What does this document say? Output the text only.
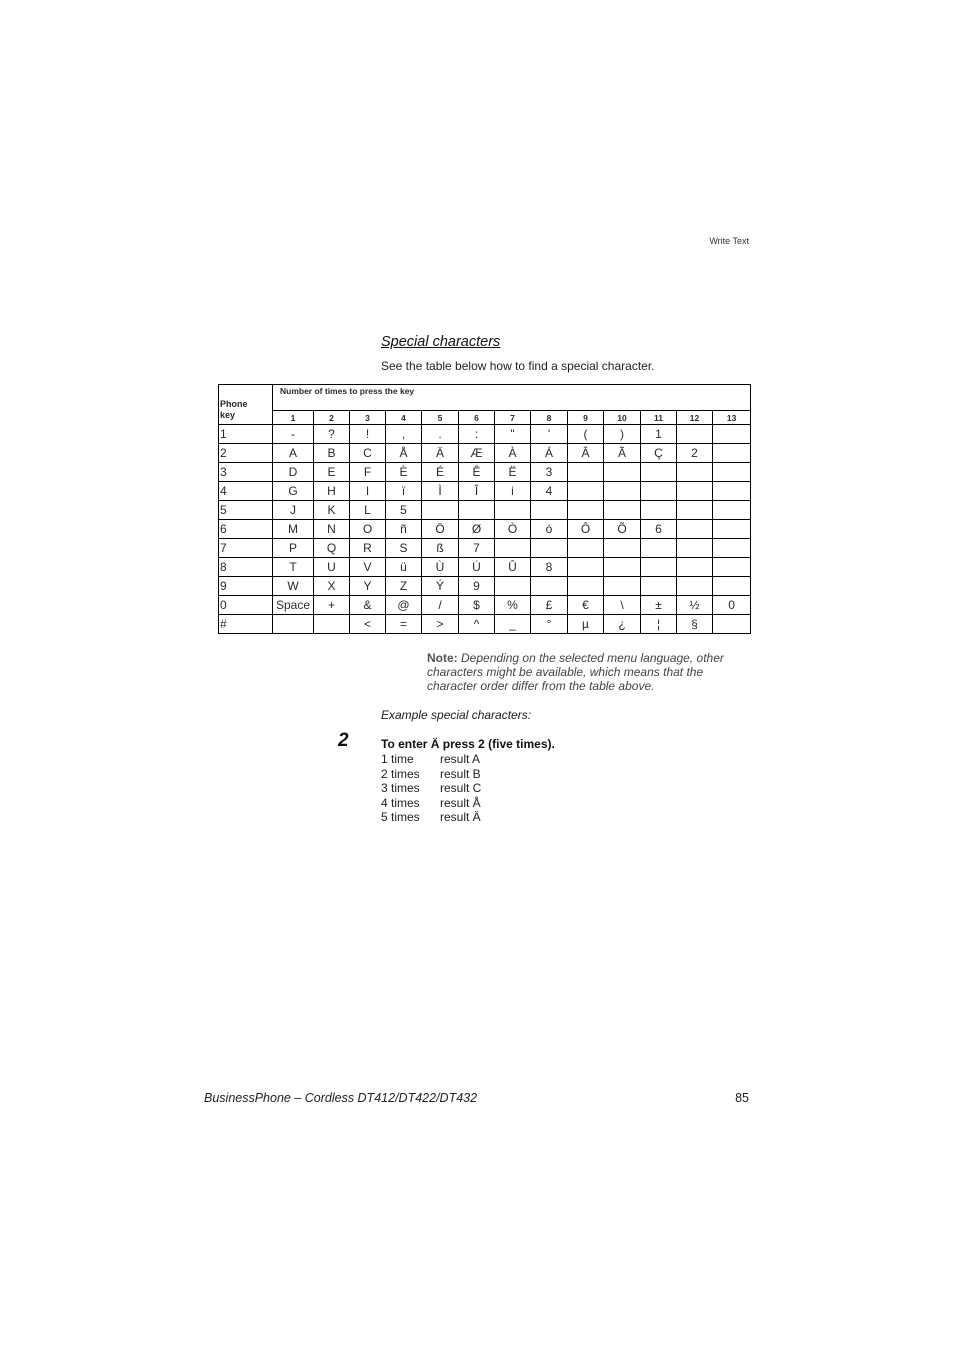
Write Text
Special characters
See the table below how to find a special character.
Phone
key	Number of times to press the key												
	1	2	3	4	5	6	7	8	9	10	11	12	13
1	-	?	!	,	.	:	"	'	(	)	1		
2	A	B	C	Å	Ä	Æ	À	Á	Â	Ã	Ç	2	
3	D	E	F	È	É	Ê	Ë	3					
4	G	H	I	ï	Ì	Î	i	4					
5	J	K	L	5									
6	M	N	O	ñ	Ö	Ø	Ò	ó	Ô	Õ	6		
7	P	Q	R	S	ß	7							
8	T	U	V	ü	Ù	Ú	Û	8					
9	W	X	Y	Z	Ý	9							
0	Space	+	&	@	/	$	%	£	€	\	±	½	0
#			<	=	>	^	_	°	µ	¿	¦	§	
Note: Depending on the selected menu language, other
characters might be available, which means that the
character order differ from the table above.
Example special characters:
2	To enter Ä press 2 (five times).
1 time	result A
2 times	result B
3 times	result C
4 times	result Å
5 times	result Ä
BusinessPhone – Cordless DT412/DT422/DT432	85
